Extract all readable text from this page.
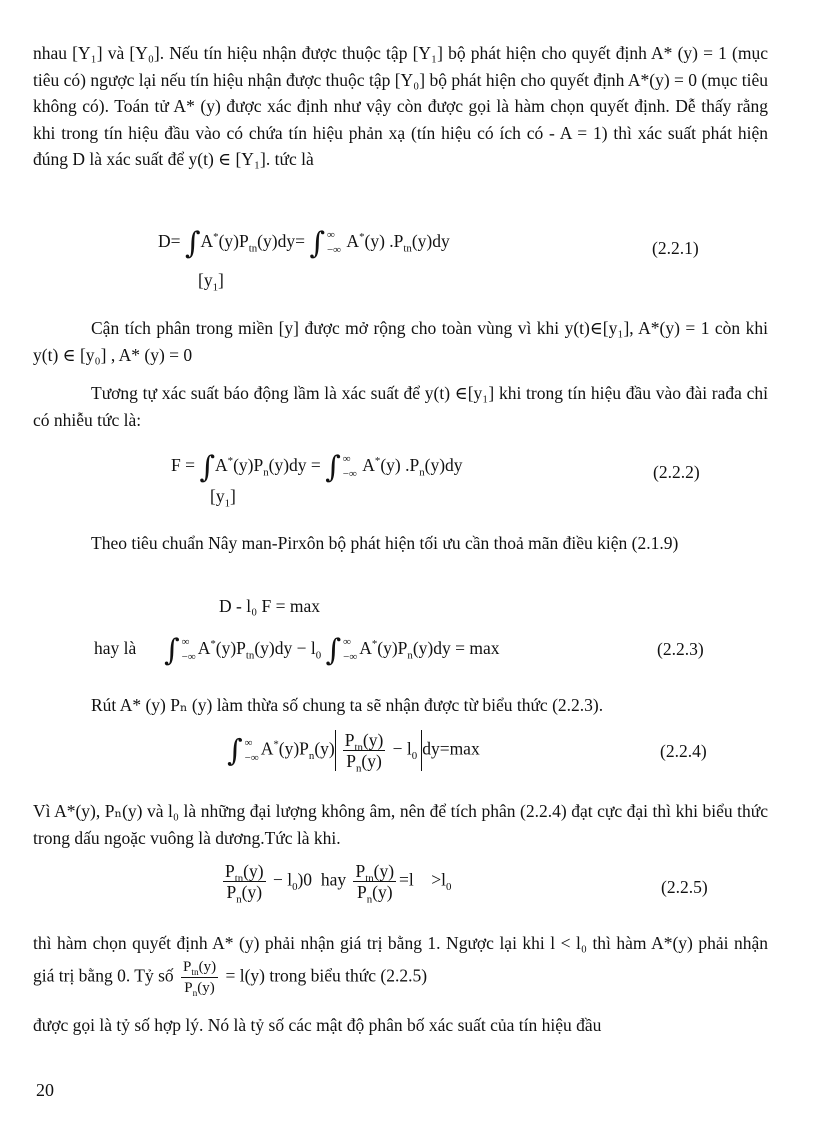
nhau [Y₁] và [Y₀]. Nếu tín hiệu nhận được thuộc tập [Y₁] bộ phát hiện cho quyết định A* (y) = 1 (mục tiêu có) ngược lại nếu tín hiệu nhận được thuộc tập [Y₀] bộ phát hiện cho quyết định A*(y) = 0 (mục tiêu không có). Toán tử A* (y) được xác định như vậy còn được gọi là hàm chọn quyết định. Dễ thấy rằng khi trong tín hiệu đầu vào có chứa tín hiệu phản xạ (tín hiệu có ích có - A = 1) thì xác suất phát hiện đúng D là xác suất để y(t) ∈ [Y₁]. tức là

$D= \int A^*(y)P_{tn}(y)dy=$ ∫ ∞
−∞ A*(y) $.P_{tn}(y)dy$
$[y_1]$
(2.2.1)

Cận tích phân trong miền [y] được mở rộng cho toàn vùng vì khi y(t)∈[y₁], A*(y) = 1 còn khi y(t) ∈ [y₀] , A* (y) = 0

Tương tự xác suất báo động lầm là xác suất để y(t) ∈[y₁] khi trong tín hiệu đầu vào đài rađa chỉ có nhiễu tức là:

$F = \int A^*(y)P_n(y)dy$ = ∫ ∞
−∞ A*(y) $.P_n(y)dy$
$[y_1]$
(2.2.2)

Theo tiêu chuẩn Nây man-Pirxôn bộ phát hiện tối ưu cần thoả mãn điều kiện (2.1.9)

D - l₀ F = max
hay là ∫ ∞
−∞ $A^*(y)P_{tn}(y)dy - l_0$ ∫ ∞
−∞ $A^*(y)P_n(y)dy = \max$	(2.2.3)

Rút A* (y) Pₙ (y) làm thừa số chung ta sẽ nhận được từ biểu thức (2.2.3).

∫ ∞
−∞ $A^*(y)P_n(y) \frac{P_{tn}(y)}{P_n(y)} - l_0$ dy=max	(2.2.4)

Vì A*(y), Pₙ(y) và l₀ là những đại lượng không âm, nên để tích phân (2.2.4) đạt cực đại thì khi biểu thức trong dấu ngoặc vuông là dương.Tức là khi.

$\frac{P_{tn}(y)}{P_n(y)} - l_0)0$  hay $\frac{P_{tn}(y)}{P_n(y)} =l$    $>l_0$	(2.2.5)

thì hàm chọn quyết định A* (y) phải nhận giá trị bằng 1. Ngược lại khi l < l₀ thì hàm A*(y) phải nhận giá trị bằng 0. Tỷ số $\frac{P_{tn}(y)}{P_n(y)} = l(y)$ trong biểu thức (2.2.5)

được gọi là tỷ số hợp lý. Nó là tỷ số các mật độ phân bố xác suất của tín hiệu đầu

20
